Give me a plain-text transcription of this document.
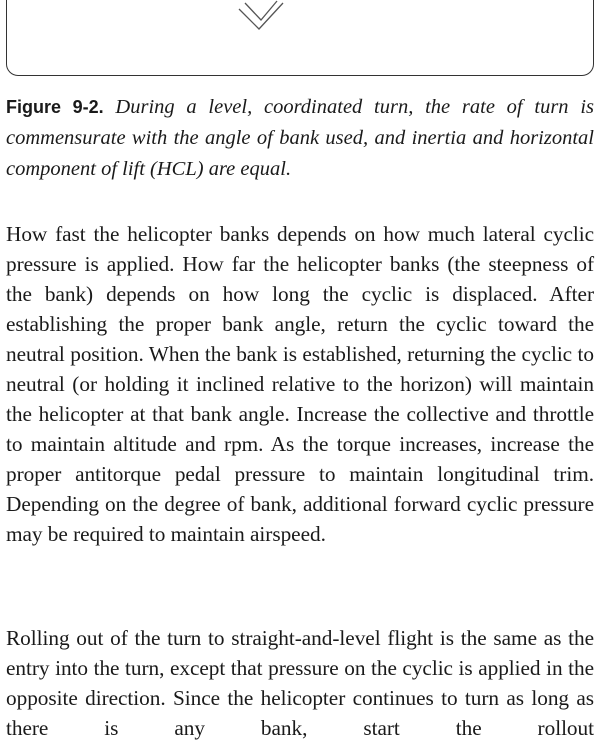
Figure 9-2. During a level, coordinated turn, the rate of turn is commensurate with the angle of bank used, and inertia and horizontal component of lift (HCL) are equal.

How fast the helicopter banks depends on how much lateral cyclic pressure is applied. How far the helicopter banks (the steepness of the bank) depends on how long the cyclic is displaced. After establishing the proper bank angle, return the cyclic toward the neutral position. When the bank is established, returning the cyclic to neutral (or holding it inclined relative to the horizon) will maintain the helicopter at that bank angle. Increase the collective and throttle to maintain altitude and rpm. As the torque increases, increase the proper antitorque pedal pressure to maintain longitudinal trim. Depending on the degree of bank, additional forward cyclic pressure may be required to maintain airspeed.

Rolling out of the turn to straight-and-level flight is the same as the entry into the turn, except that pressure on the cyclic is applied in the opposite direction. Since the helicopter continues to turn as long as there is any bank, start the rollout
